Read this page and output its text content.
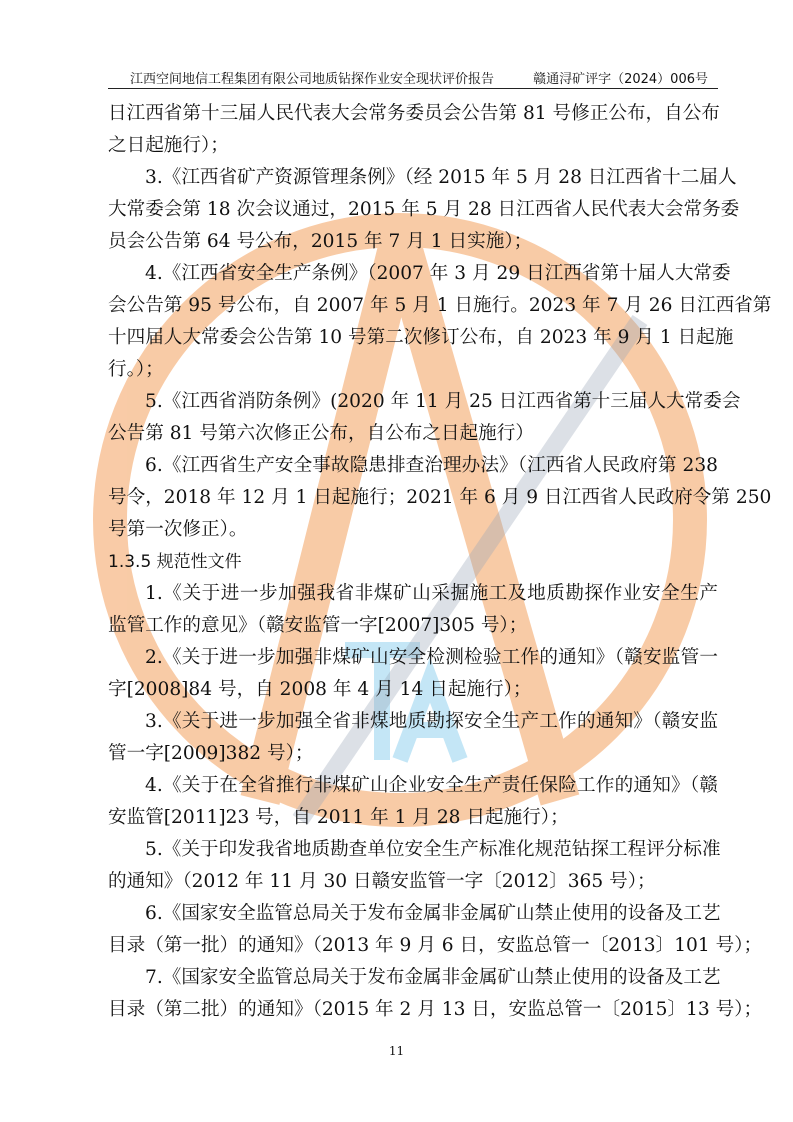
江西空间地信工程集团有限公司地质钻探作业安全现状评价报告	赣通浔矿评字（2024）006号
日江西省第十三届人民代表大会常务委员会公告第 81 号修正公布，自公布
之日起施行）；
3.《江西省矿产资源管理条例》（经 2015 年 5 月 28 日江西省十二届人
大常委会第 18 次会议通过，2015 年 5 月 28 日江西省人民代表大会常务委
员会公告第 64 号公布，2015 年 7 月 1 日实施）；
4.《江西省安全生产条例》（2007 年 3 月 29 日江西省第十届人大常委
会公告第 95 号公布，自 2007 年 5 月 1 日施行。2023 年 7 月 26 日江西省第
十四届人大常委会公告第 10 号第二次修订公布，自 2023 年 9 月 1 日起施
行。）；
5.《江西省消防条例》(2020 年 11 月 25 日江西省第十三届人大常委会
公告第 81 号第六次修正公布，自公布之日起施行）
6.《江西省生产安全事故隐患排查治理办法》（江西省人民政府第 238
号令，2018 年 12 月 1 日起施行；2021 年 6 月 9 日江西省人民政府令第 250
号第一次修正）。
1.3.5 规范性文件
1.《关于进一步加强我省非煤矿山采掘施工及地质勘探作业安全生产
监管工作的意见》（赣安监管一字[2007]305 号）；
2.《关于进一步加强非煤矿山安全检测检验工作的通知》（赣安监管一
字[2008]84 号，自 2008 年 4 月 14 日起施行）；
3.《关于进一步加强全省非煤地质勘探安全生产工作的通知》（赣安监
管一字[2009]382 号）；
4.《关于在全省推行非煤矿山企业安全生产责任保险工作的通知》（赣
安监管[2011]23 号，自 2011 年 1 月 28 日起施行）；
5.《关于印发我省地质勘查单位安全生产标准化规范钻探工程评分标准
的通知》（2012 年 11 月 30 日赣安监管一字〔2012〕365 号）；
6.《国家安全监管总局关于发布金属非金属矿山禁止使用的设备及工艺
目录（第一批）的通知》（2013 年 9 月 6 日，安监总管一〔2013〕101 号）；
7.《国家安全监管总局关于发布金属非金属矿山禁止使用的设备及工艺
目录（第二批）的通知》（2015 年 2 月 13 日，安监总管一〔2015〕13 号）；
11
